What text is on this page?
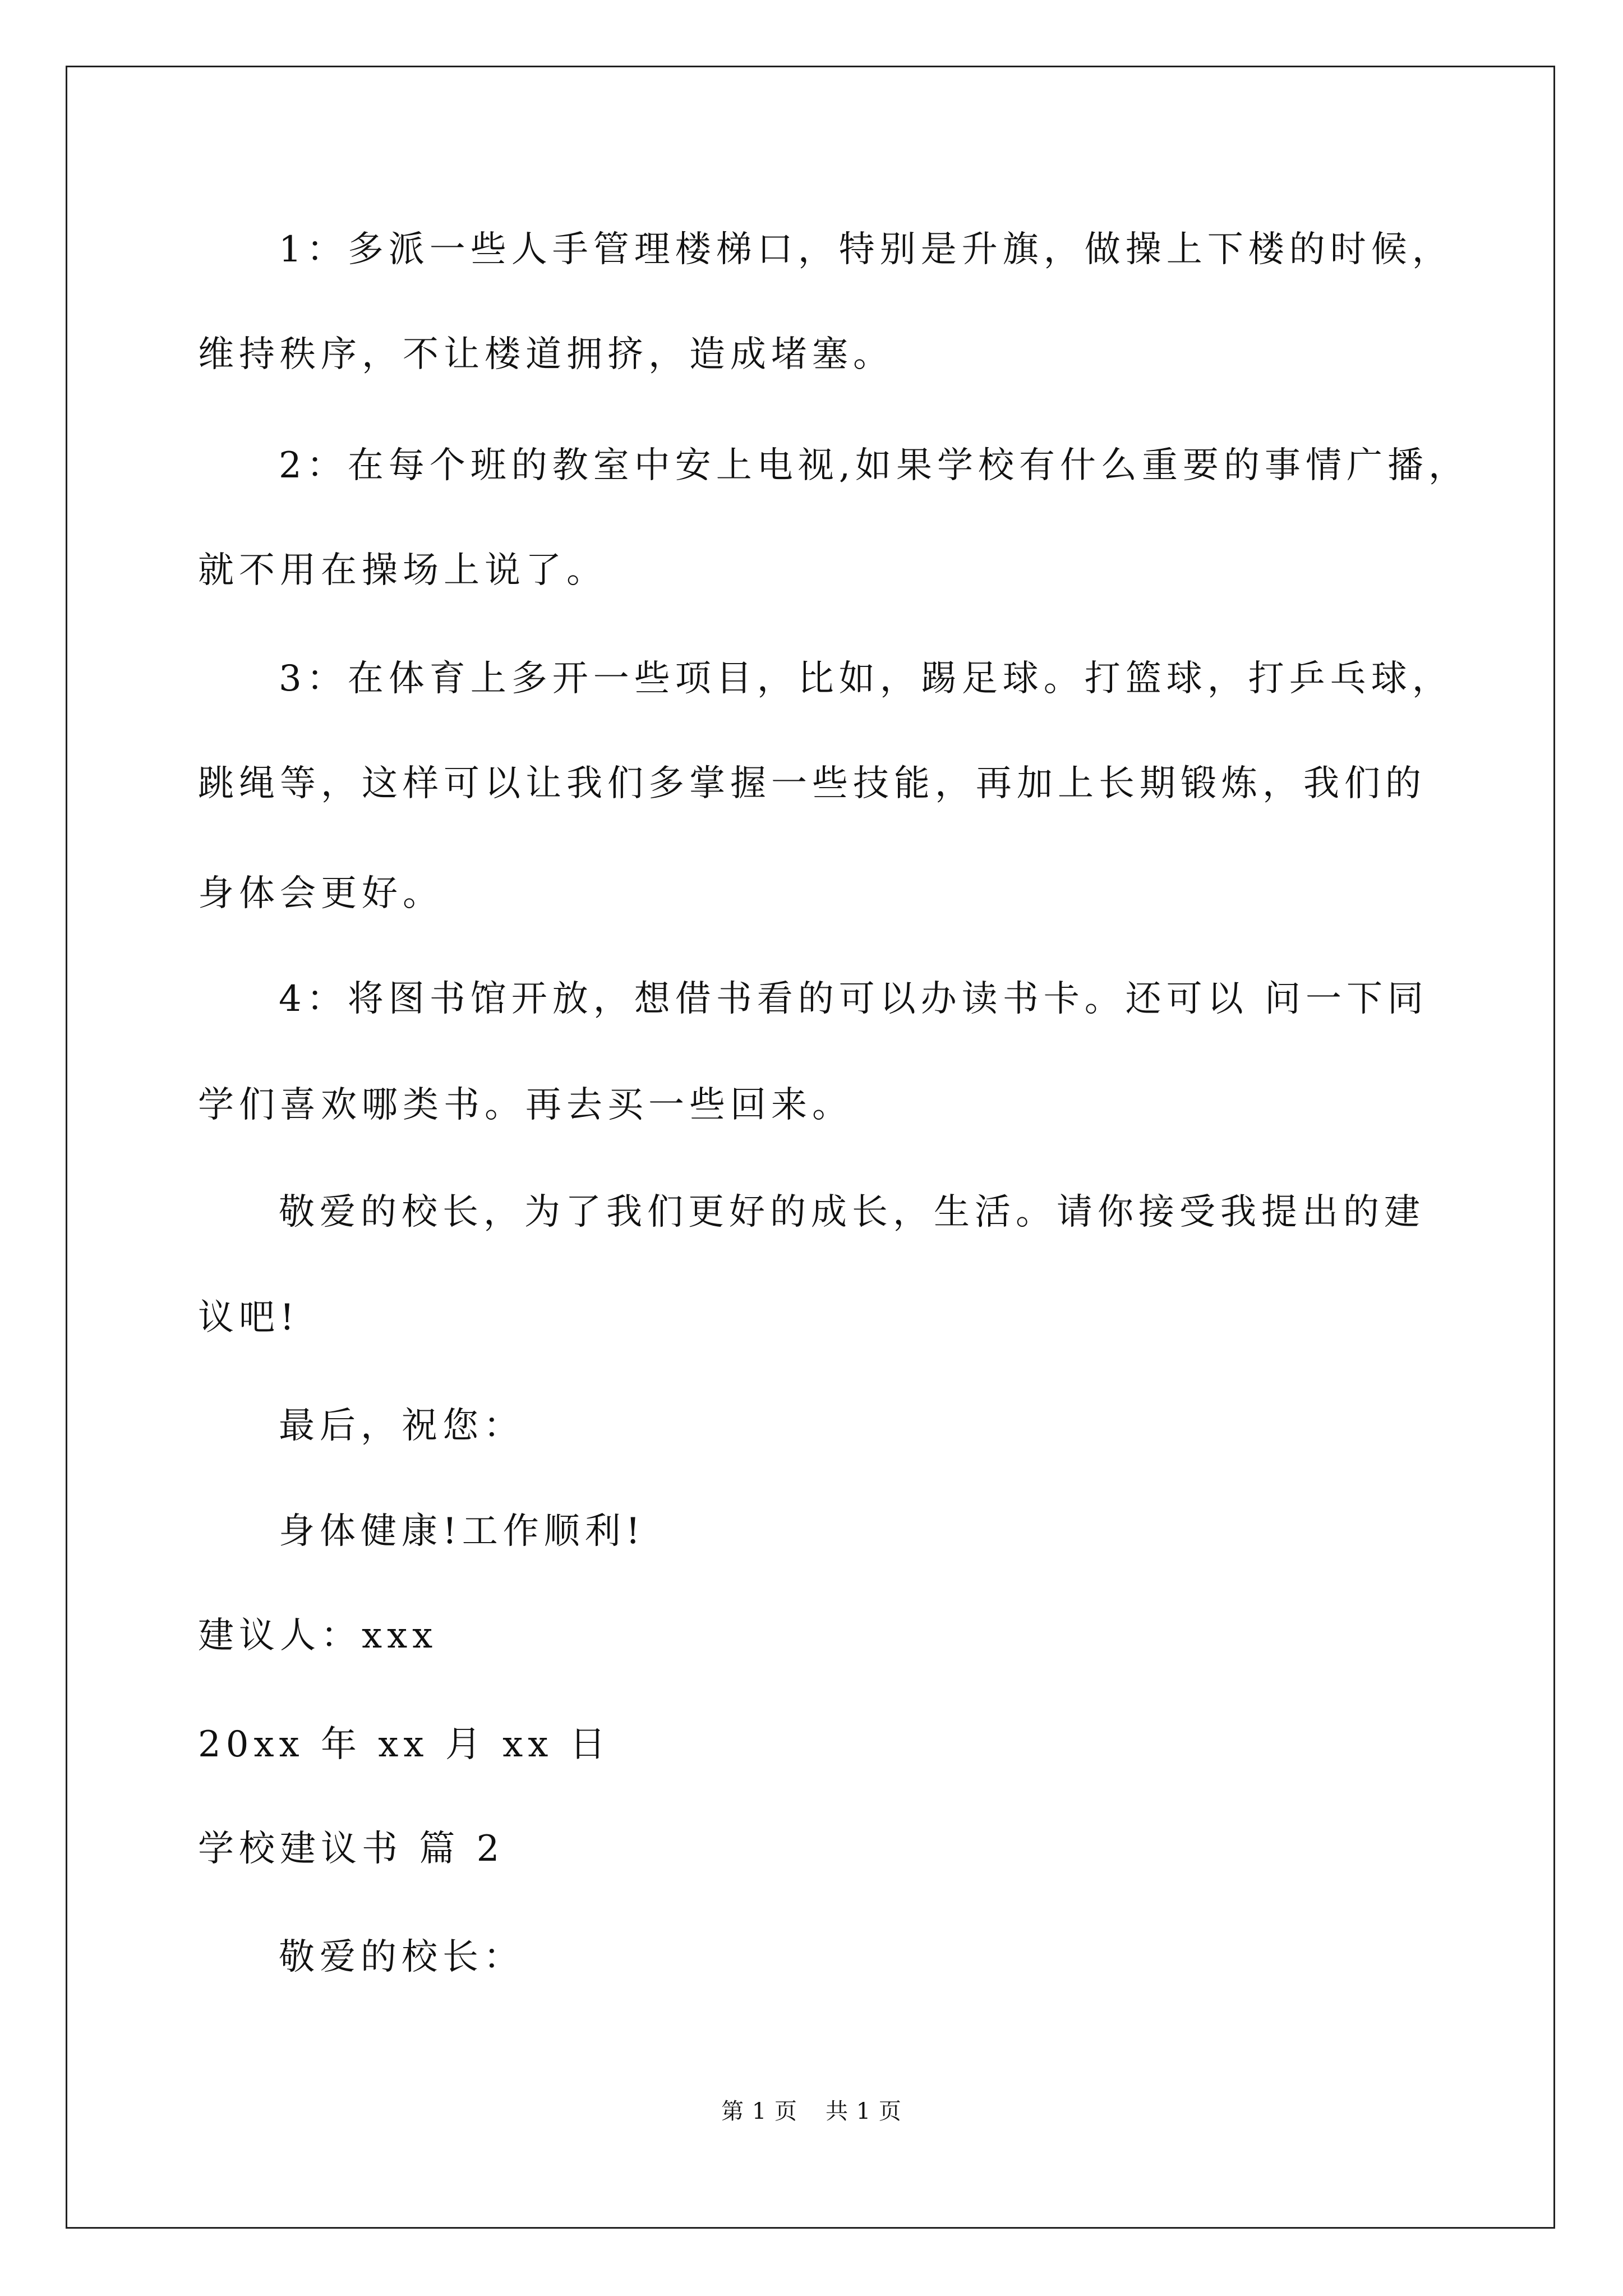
1：多派一些人手管理楼梯口，特别是升旗，做操上下楼的时候，
维持秩序，不让楼道拥挤，造成堵塞。
2：在每个班的教室中安上电视,如果学校有什么重要的事情广播，
就不用在操场上说了。
3：在体育上多开一些项目，比如，踢足球。打篮球，打乒乓球，
跳绳等，这样可以让我们多掌握一些技能，再加上长期锻炼，我们的
身体会更好。
4：将图书馆开放，想借书看的可以办读书卡。还可以 问一下同
学们喜欢哪类书。再去买一些回来。
敬爱的校长，为了我们更好的成长，生活。请你接受我提出的建
议吧!
最后，祝您：
身体健康!工作顺利!
建议人：xxx
20xx 年 xx 月 xx 日
学校建议书 篇 2
敬爱的校长：
第 1 页 共 1 页
